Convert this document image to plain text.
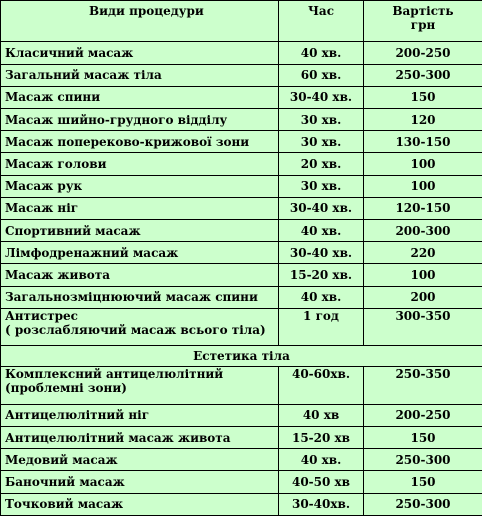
Види процедури	Час	Вартість
грн
Класичний масаж	40 хв.	200-250
Загальний масаж тіла	60 хв.	250-300
Масаж спини	30-40 хв.	150
Масаж шийно-грудного відділу	30 хв.	120
Масаж попереково-крижової зони	30 хв.	130-150
Масаж голови	20 хв.	100
Масаж рук	30 хв.	100
Масаж ніг	30-40 хв.	120-150
Спортивний масаж	40 хв.	200-300
Лімфодренажний масаж	30-40 хв.	220
Масаж живота	15-20 хв.	100
Загальнозміцнюючий масаж спини	40 хв.	200
Антистрес
( розслабляючий масаж всього тіла)	1 год	300-350
Естетика тіла		
Комплексний антицелюлітний
(проблемні зони)	40-60хв.	250-350
Антицелюлітний ніг	40 хв	200-250
Антицелюлітний масаж живота	15-20 хв	150
Медовий масаж	40 хв.	250-300
Баночний масаж	40-50 хв	150
Точковий масаж	30-40хв.	250-300
